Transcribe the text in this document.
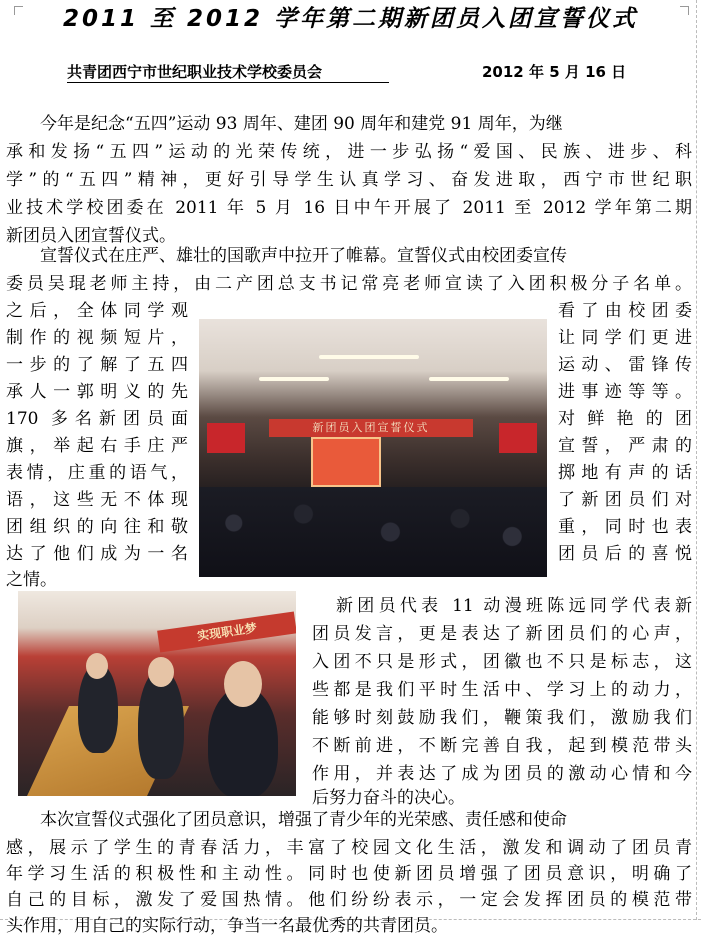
2011 至 2012 学年第二期新团员入团宣誓仪式
共青团西宁市世纪职业技术学校委员会	2012 年 5 月 16 日
今年是纪念“五四”运动 93 周年、建团 90 周年和建党 91 周年，为继
承和发扬“五四”运动的光荣传统，进一步弘扬“爱国、民族、进步、科
学”的“五四”精神，更好引导学生认真学习、奋发进取，西宁市世纪职
业技术学校团委在 2011 年 5 月 16 日中午开展了 2011 至 2012 学年第二期
新团员入团宣誓仪式。
宣誓仪式在庄严、雄壮的国歌声中拉开了帷幕。宣誓仪式由校团委宣传
委员吴琨老师主持，由二产团总支书记常亮老师宣读了入团积极分子名单。
之后，全体同学观
制作的视频短片，
一步的了解了五四
承人一郭明义的先
170 多名新团员面
旗，举起右手庄严
表情，庄重的语气，
语，这些无不体现
团组织的向往和敬
达了他们成为一名
之情。
看了由校团委
让同学们更进
运动、雷锋传
进事迹等等。
对鲜艳的团
宣誓，严肃的
掷地有声的话
了新团员们对
重，同时也表
团员后的喜悦
新团员入团宣誓仪式
新团员代表 11 动漫班陈远同学代表新
团员发言，更是表达了新团员们的心声，
入团不只是形式，团徽也不只是标志，这
些都是我们平时生活中、学习上的动力，
能够时刻鼓励我们，鞭策我们，激励我们
不断前进，不断完善自我，起到模范带头
作用，并表达了成为团员的激动心情和今
后努力奋斗的决心。
实现职业梦
本次宣誓仪式强化了团员意识，增强了青少年的光荣感、责任感和使命
感，展示了学生的青春活力，丰富了校园文化生活，激发和调动了团员青
年学习生活的积极性和主动性。同时也使新团员增强了团员意识，明确了
自己的目标，激发了爱国热情。他们纷纷表示，一定会发挥团员的模范带
头作用，用自己的实际行动，争当一名最优秀的共青团员。
